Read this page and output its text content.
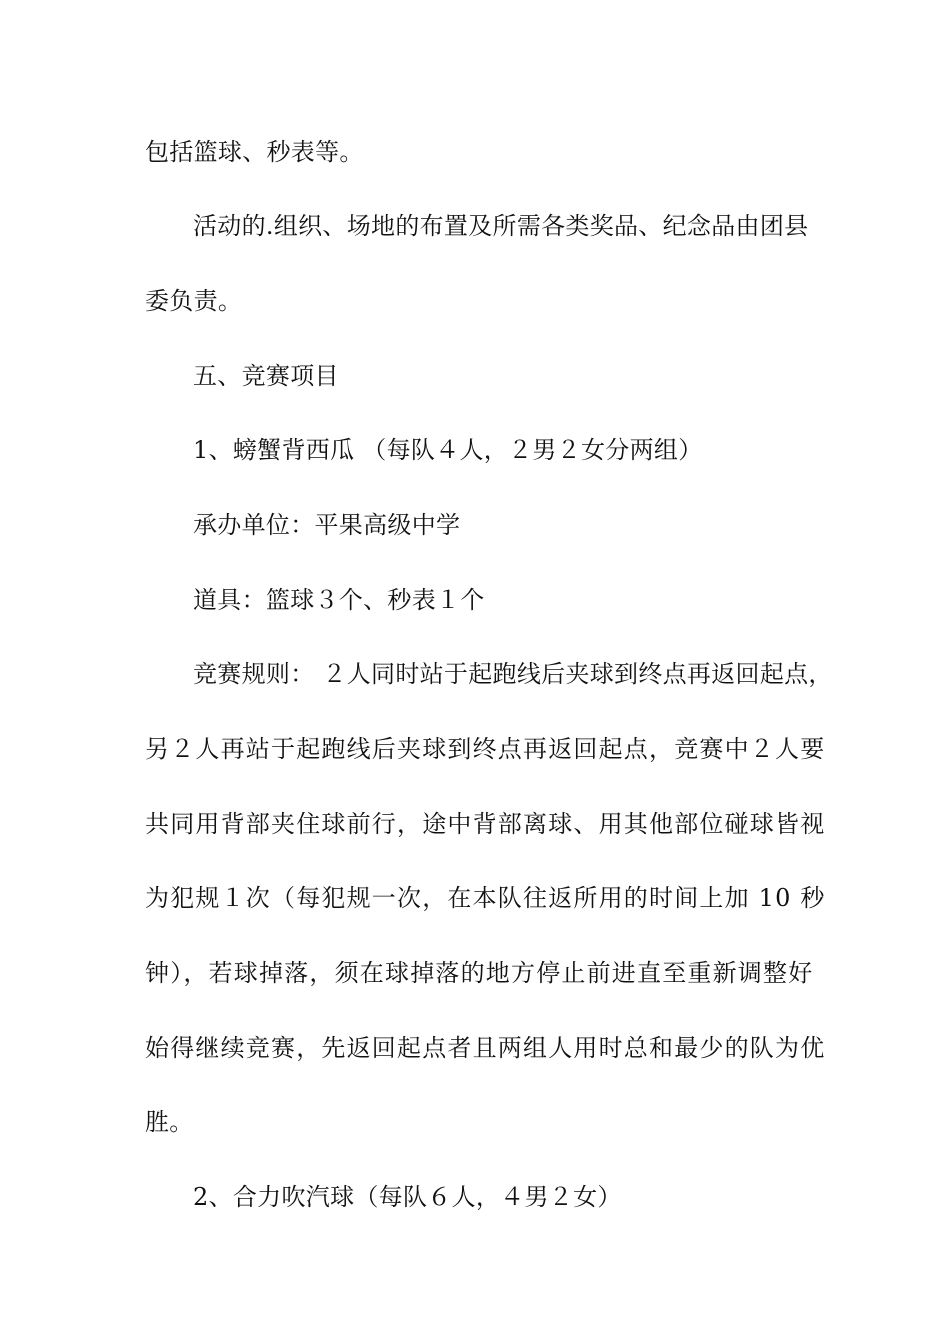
包括篮球、秒表等。
活动的.组织、场地的布置及所需各类奖品、纪念品由团县
委负责。
五、竞赛项目
1、螃蟹背西瓜 （每队４人，２男２女分两组）
承办单位：平果高级中学
道具：篮球３个、秒表１个
竞赛规则： ２人同时站于起跑线后夹球到终点再返回起点，
另２人再站于起跑线后夹球到终点再返回起点，竞赛中２人要
共同用背部夹住球前行，途中背部离球、用其他部位碰球皆视
为犯规１次（每犯规一次，在本队往返所用的时间上加 10 秒
钟），若球掉落，须在球掉落的地方停止前进直至重新调整好
始得继续竞赛，先返回起点者且两组人用时总和最少的队为优
胜。
2、合力吹汽球（每队６人，４男２女）
